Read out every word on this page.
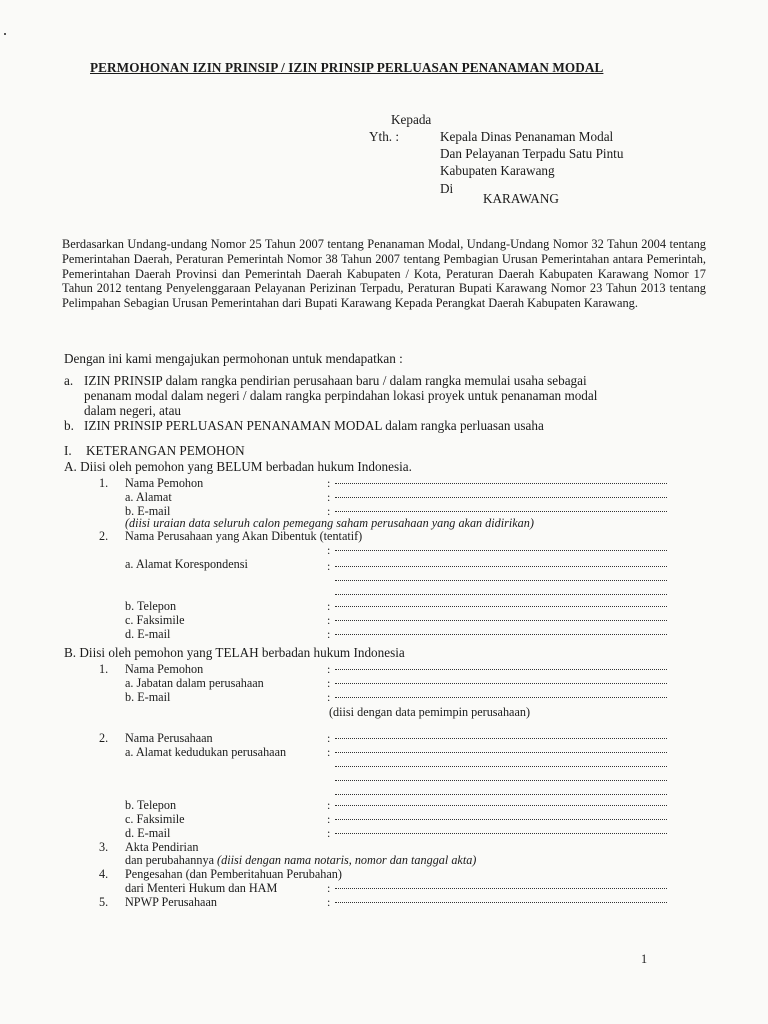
PERMOHONAN IZIN PRINSIP / IZIN PRINSIP PERLUASAN PENANAMAN MODAL
Kepada
Yth. :	Kepala Dinas Penanaman Modal
Dan Pelayanan Terpadu Satu Pintu
Kabupaten Karawang
Di
KARAWANG
Berdasarkan Undang-undang Nomor 25 Tahun 2007 tentang Penanaman Modal, Undang-Undang Nomor 32 Tahun 2004 tentang Pemerintahan Daerah, Peraturan Pemerintah Nomor 38 Tahun 2007 tentang Pembagian Urusan Pemerintahan antara Pemerintah, Pemerintahan Daerah Provinsi dan Pemerintah Daerah Kabupaten / Kota, Peraturan Daerah Kabupaten Karawang Nomor 17 Tahun 2012 tentang Penyelenggaraan Pelayanan Perizinan Terpadu, Peraturan Bupati Karawang Nomor 23 Tahun 2013 tentang Pelimpahan Sebagian Urusan Pemerintahan dari Bupati Karawang Kepada Perangkat Daerah Kabupaten Karawang.
Dengan ini kami mengajukan permohonan untuk mendapatkan :
a. IZIN PRINSIP dalam rangka pendirian perusahaan baru / dalam rangka memulai usaha sebagai
penanam modal dalam negeri / dalam rangka perpindahan lokasi proyek untuk penanaman modal
dalam negeri, atau
b. IZIN PRINSIP PERLUASAN PENANAMAN MODAL dalam rangka perluasan usaha
I. KETERANGAN PEMOHON
A. Diisi oleh pemohon yang BELUM berbadan hukum Indonesia.
1. Nama Pemohon	:
a. Alamat	:
b. E-mail	:
(diisi uraian data seluruh calon pemegang saham perusahaan yang akan didirikan)
2. Nama Perusahaan yang Akan Dibentuk (tentatif)
:
a. Alamat Korespondensi	:
b. Telepon	:
c. Faksimile	:
d. E-mail	:
B. Diisi oleh pemohon yang TELAH berbadan hukum Indonesia
1. Nama Pemohon	:
a. Jabatan dalam perusahaan	:
b. E-mail	:
(diisi dengan data pemimpin perusahaan)
2. Nama Perusahaan	:
a. Alamat kedudukan perusahaan	:
b. Telepon	:
c. Faksimile	:
d. E-mail	:
3. Akta Pendirian
dan perubahannya (diisi dengan nama notaris, nomor dan tanggal akta)
4. Pengesahan (dan Pemberitahuan Perubahan)
dari Menteri Hukum dan HAM	:
5. NPWP Perusahaan	:
1
